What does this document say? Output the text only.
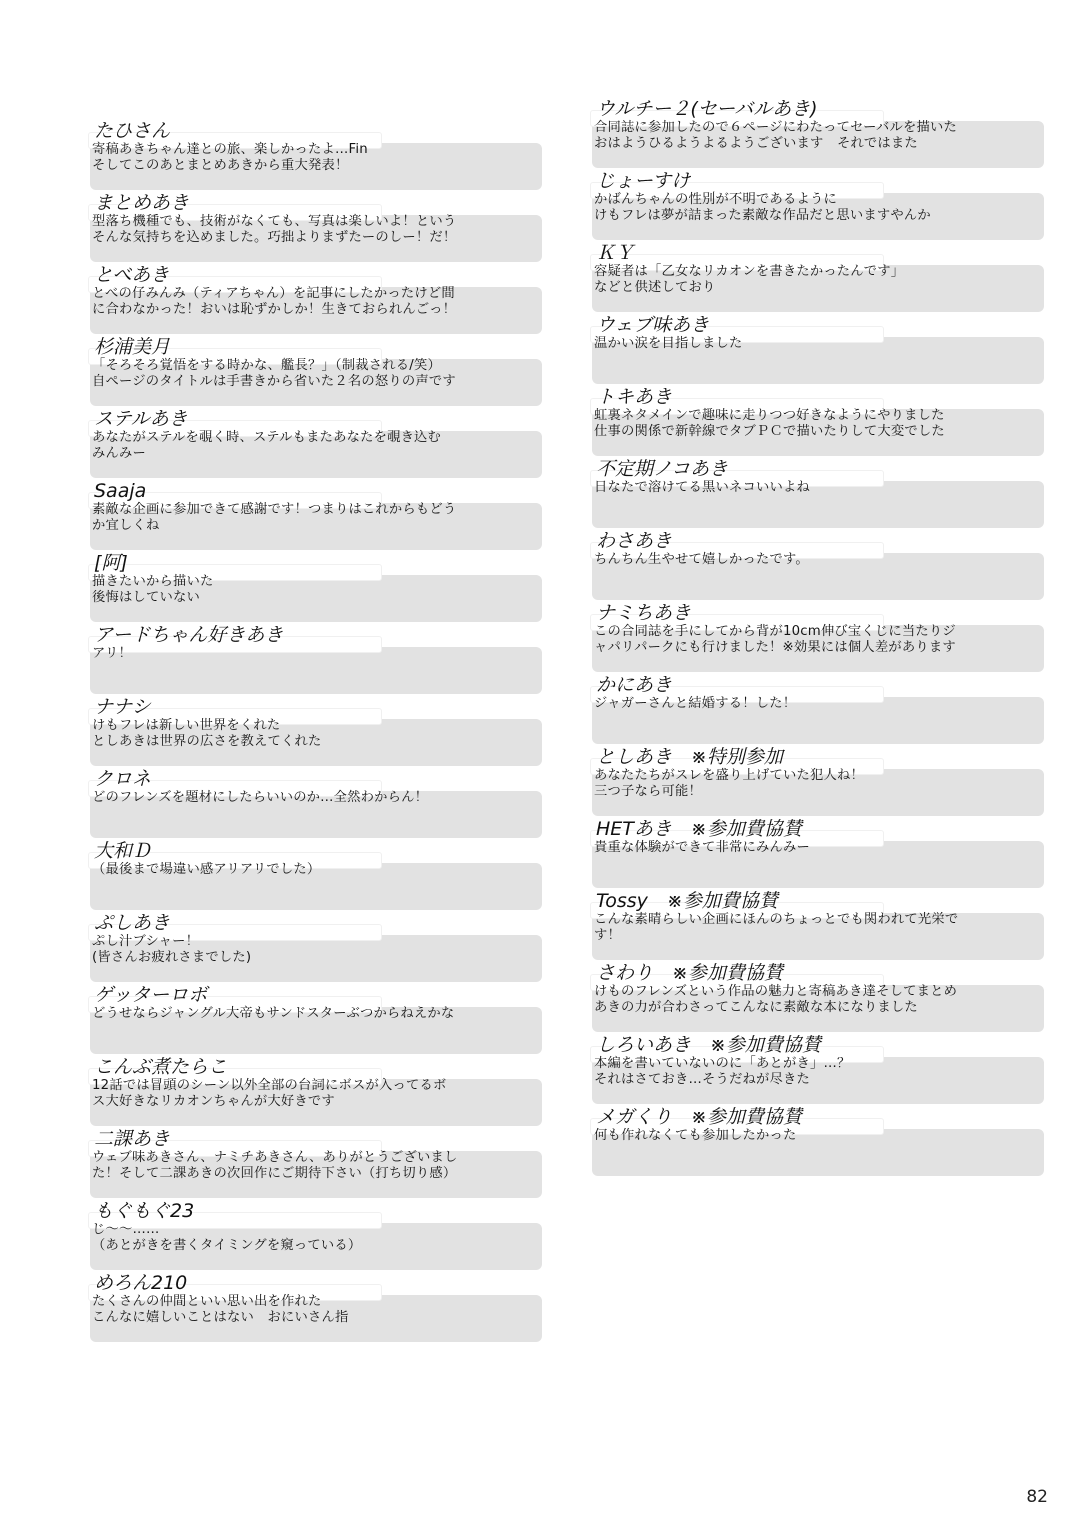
たひさん
寄稿あきちゃん達との旅、楽しかったよ…Fin
そしてこのあとまとめあきから重大発表！
まとめあき
型落ち機種でも、技術がなくても、写真は楽しいよ！という
そんな気持ちを込めました。巧拙よりまずたーのしー！だ！
とべあき
とべの仔みんみ（ティアちゃん）を記事にしたかったけど間
に合わなかった！おいは恥ずかしか！生きておられんごっ！
杉浦美月
「そろそろ覚悟をする時かな、艦長？」（制裁される/笑）
自ページのタイトルは手書きから省いた２名の怒りの声です
ステルあき
あなたがステルを覗く時、ステルもまたあなたを覗き込む
みんみー
Saaja
素敵な企画に参加できて感謝です！つまりはこれからもどう
か宜しくね
[阿]
描きたいから描いた
後悔はしていない
アードちゃん好きあき
アリ！
ナナシ
けもフレは新しい世界をくれた
としあきは世界の広さを教えてくれた
クロネ
どのフレンズを題材にしたらいいのか…全然わからん！
大和Ｄ
（最後まで場違い感アリアリでした）
ぷしあき
ぷし汁ブシャー！
(皆さんお疲れさまでした)
ゲッターロボ
どうせならジャングル大帝もサンドスターぶつからねえかな
こんぶ煮たらこ
12話では冒頭のシーン以外全部の台詞にボスが入ってるボ
ス大好きなリカオンちゃんが大好きです
二課あき
ウェブ味あきさん、ナミチあきさん、ありがとうございまし
た！そして二課あきの次回作にご期待下さい（打ち切り感）
もぐもぐ23
じ～～……
（あとがきを書くタイミングを窺っている）
めろん210
たくさんの仲間といい思い出を作れた
こんなに嬉しいことはない　おにいさん指
ウルチー２(セーバルあき)
合同誌に参加したので６ページにわたってセーバルを描いた
おはようひるようよるようございます　それではまた
じょーすけ
かばんちゃんの性別が不明であるように
けもフレは夢が詰まった素敵な作品だと思いますやんか
ＫＹ
容疑者は「乙女なリカオンを書きたかったんです」
などと供述しており
ウェブ味あき
温かい涙を目指しました
トキあき
虹裏ネタメインで趣味に走りつつ好きなようにやりました
仕事の関係で新幹線でタブＰＣで描いたりして大変でした
不定期ノコあき
日なたで溶けてる黒いネコいいよね
わさあき
ちんちん生やせて嬉しかったです。
ナミちあき
この合同誌を手にしてから背が10cm伸び宝くじに当たりジ
ャパリパークにも行けました！※効果には個人差があります
かにあき
ジャガーさんと結婚する！した！
としあき　※特別参加
あなたたちがスレを盛り上げていた犯人ね！
三つ子なら可能！
HETあき　※参加費協賛
貴重な体験ができて非常にみんみー
Tossy　※参加費協賛
こんな素晴らしい企画にほんのちょっとでも関われて光栄で
す！
さわり　※参加費協賛
けものフレンズという作品の魅力と寄稿あき達そしてまとめ
あきの力が合わさってこんなに素敵な本になりました
しろいあき　※参加費協賛
本編を書いていないのに「あとがき」…？
それはさておき…そうだねが尽きた
メガくり　※参加費協賛
何も作れなくても参加したかった
82
